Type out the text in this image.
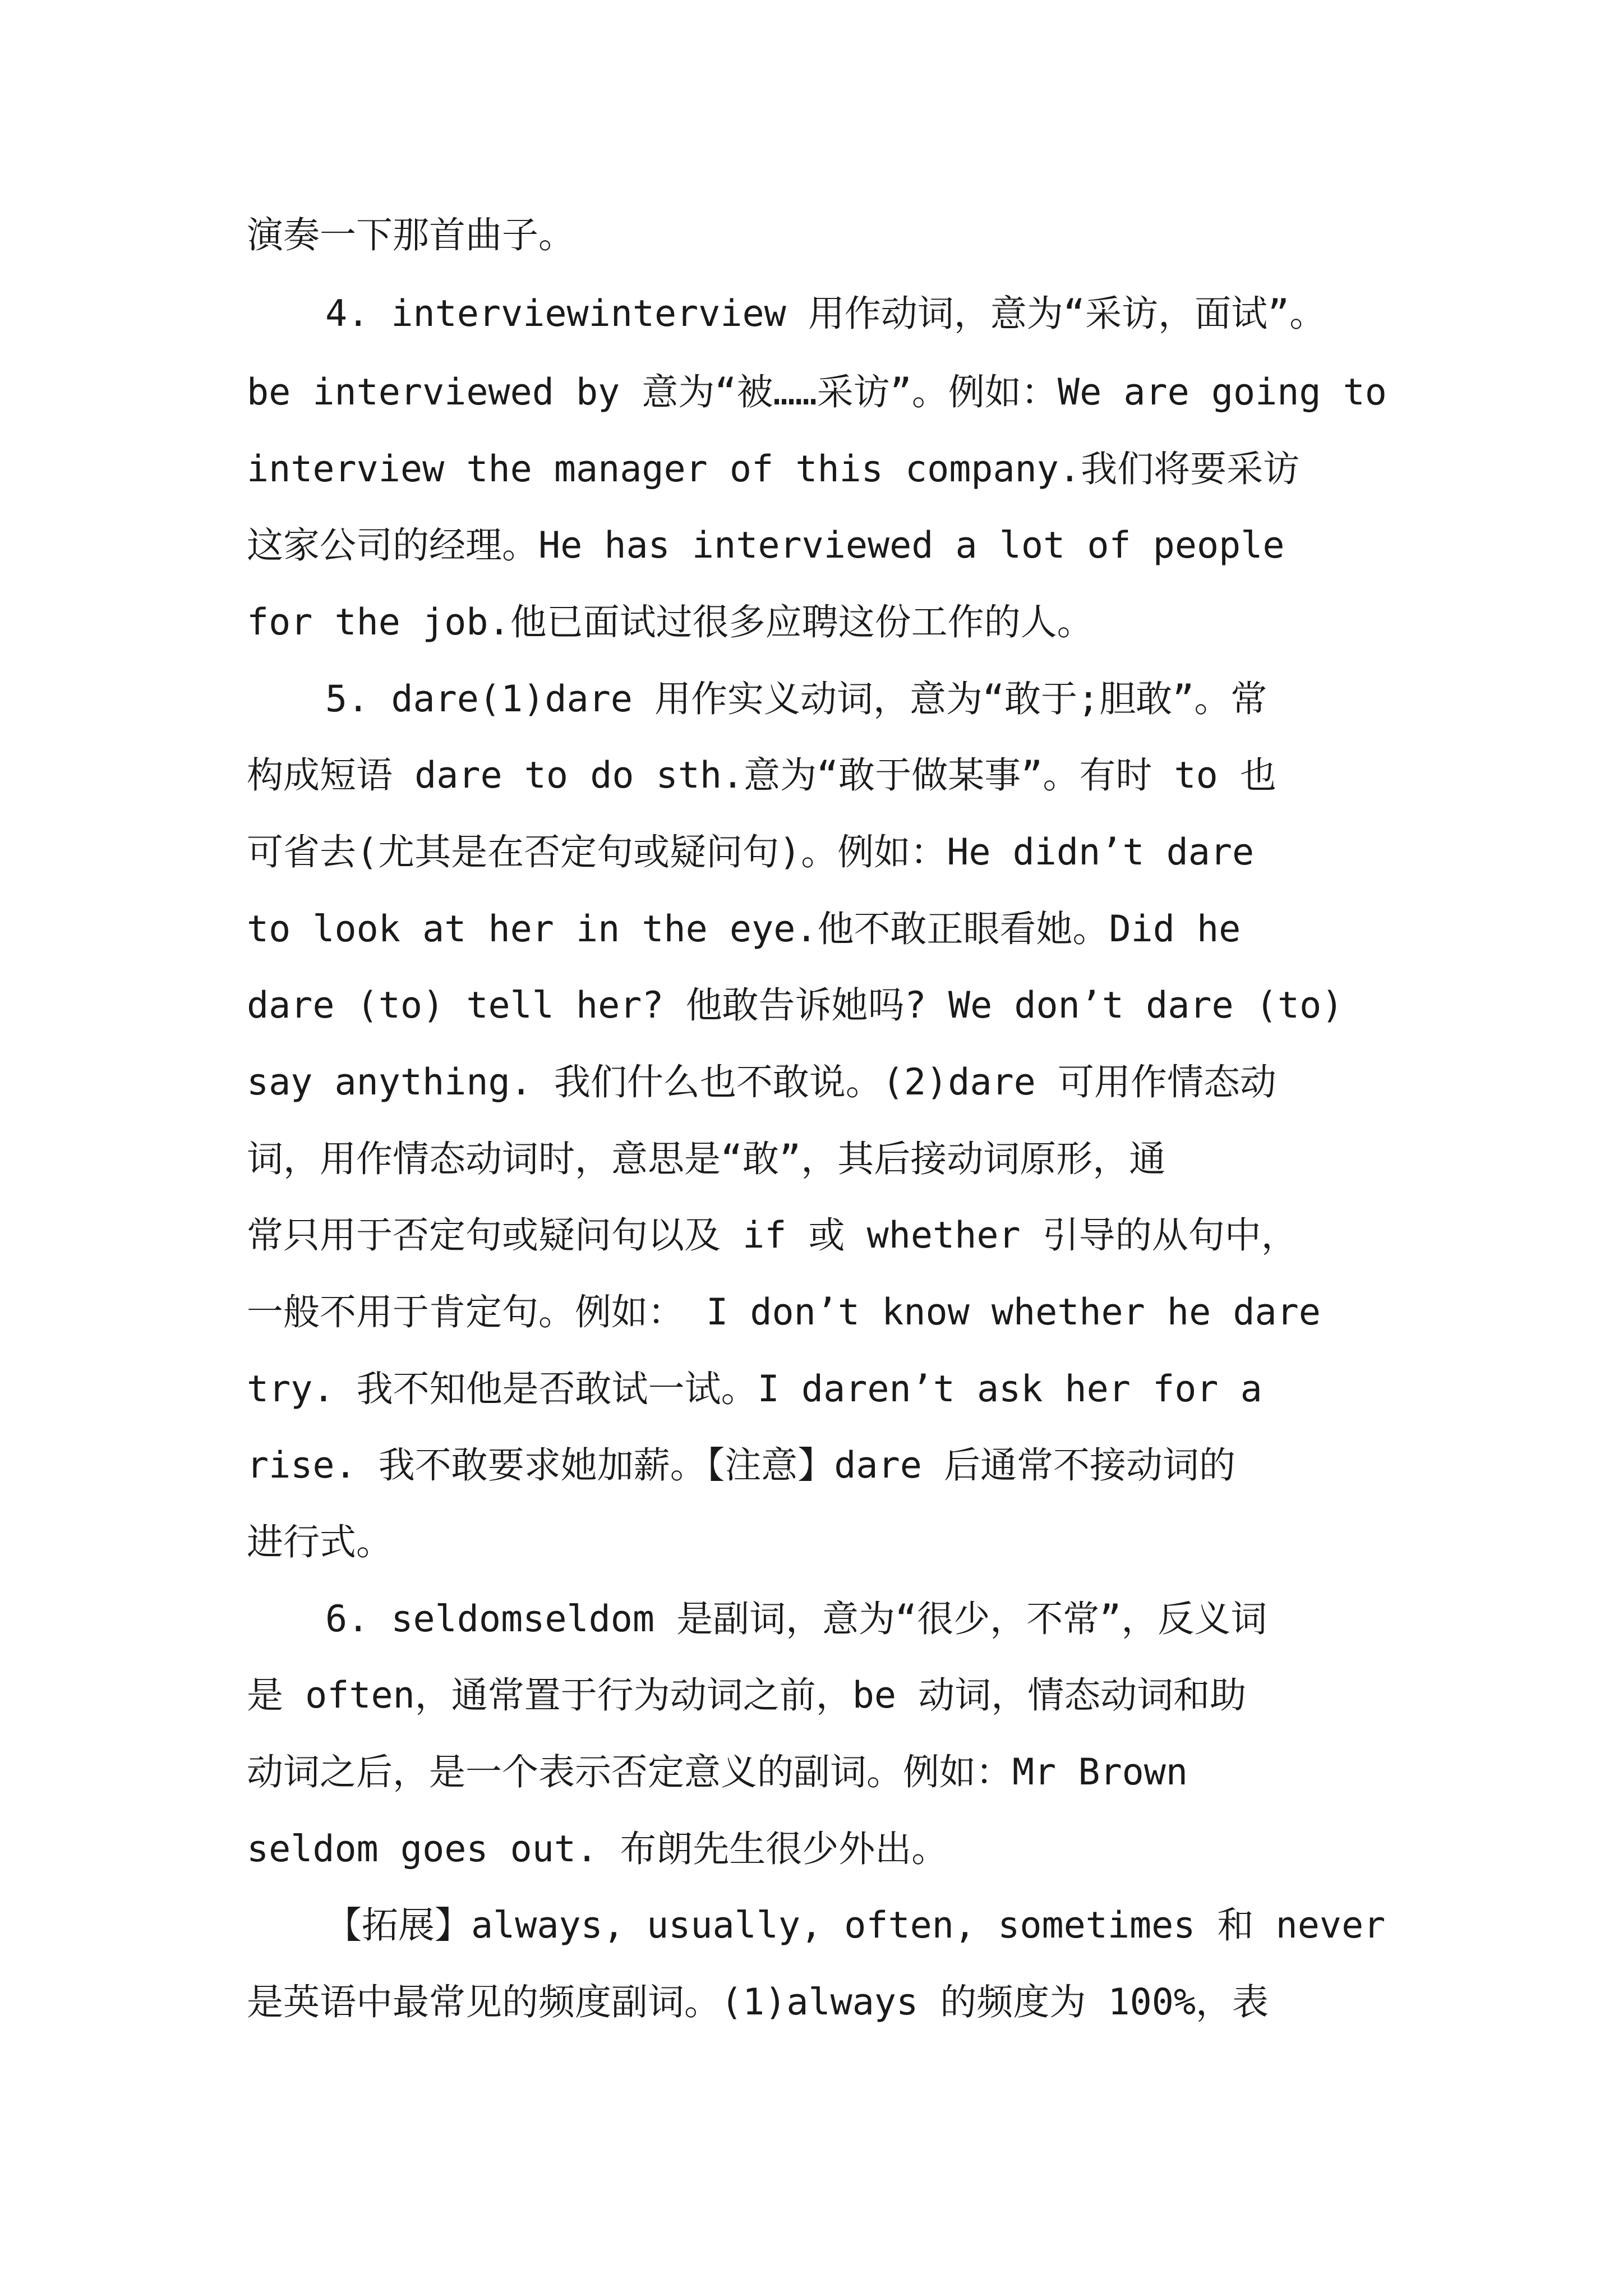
演奏一下那首曲子。
4. interviewinterview 用作动词，意为“采访，面试”。
be interviewed by 意为“被……采访”。例如：We are going to
interview the manager of this company.我们将要采访
这家公司的经理。He has interviewed a lot of people
for the job.他已面试过很多应聘这份工作的人。
5. dare(1)dare 用作实义动词，意为“敢于;胆敢”。常
构成短语 dare to do sth.意为“敢于做某事”。有时 to 也
可省去(尤其是在否定句或疑问句)。例如：He didn’t dare
to look at her in the eye.他不敢正眼看她。Did he
dare (to) tell her? 他敢告诉她吗? We don’t dare (to)
say anything. 我们什么也不敢说。(2)dare 可用作情态动
词，用作情态动词时，意思是“敢”，其后接动词原形，通
常只用于否定句或疑问句以及 if 或 whether 引导的从句中，
一般不用于肯定句。例如： I don’t know whether he dare
try. 我不知他是否敢试一试。I daren’t ask her for a
rise. 我不敢要求她加薪。【注意】dare 后通常不接动词的
进行式。
6. seldomseldom 是副词，意为“很少，不常”，反义词
是 often，通常置于行为动词之前，be 动词，情态动词和助
动词之后，是一个表示否定意义的副词。例如：Mr Brown
seldom goes out. 布朗先生很少外出。
【拓展】always, usually, often, sometimes 和 never
是英语中最常见的频度副词。(1)always 的频度为 100%，表
